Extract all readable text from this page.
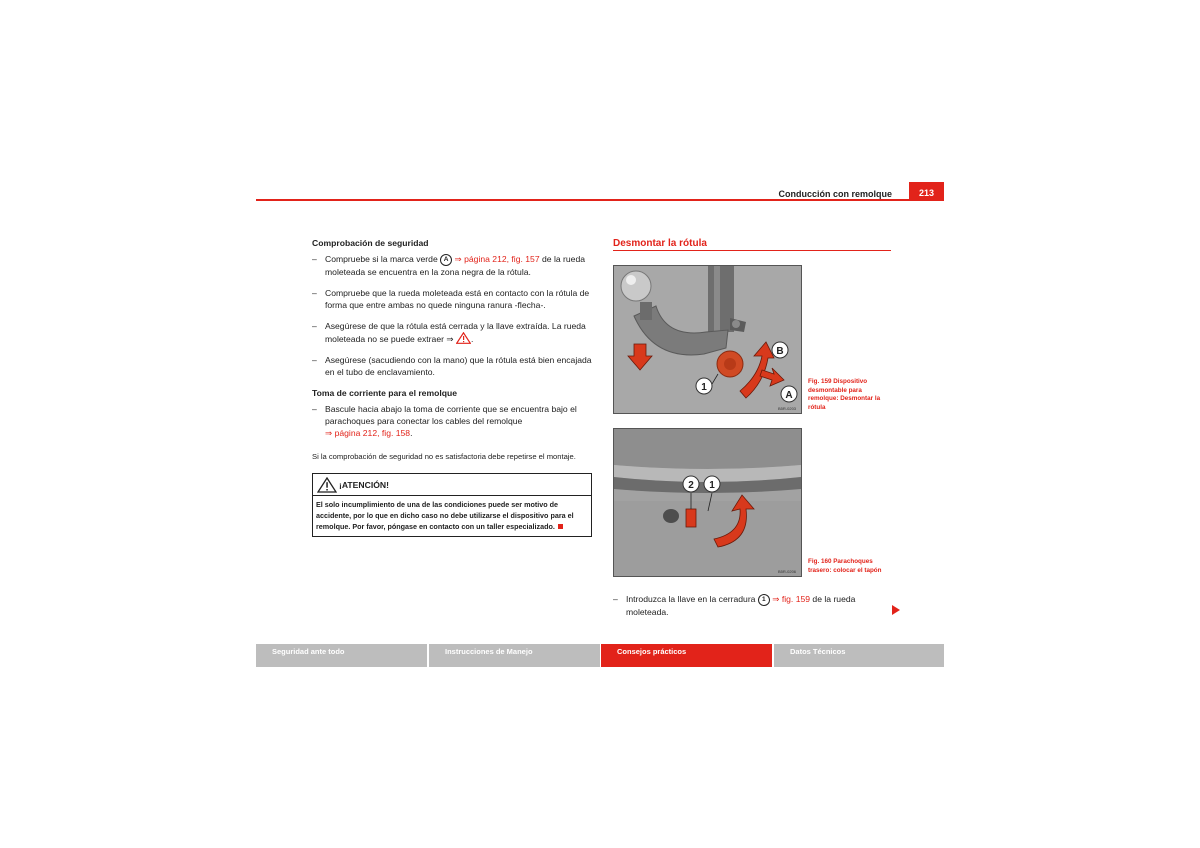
Conducción con remolque	213
Comprobación de seguridad
– Compruebe si la marca verde A ⇒ página 212, fig. 157 de la rueda moleteada se encuentra en la zona negra de la rótula.
– Compruebe que la rueda moleteada está en contacto con la rótula de forma que entre ambas no quede ninguna ranura -flecha-.
– Asegúrese de que la rótula está cerrada y la llave extraída. La rueda moleteada no se puede extraer ⇒ .
– Asegúrese (sacudiendo con la mano) que la rótula está bien encajada en el tubo de enclavamiento.
Toma de corriente para el remolque
– Bascule hacia abajo la toma de corriente que se encuentra bajo el parachoques para conectar los cables del remolque
⇒ página 212, fig. 158.
Si la comprobación de seguridad no es satisfactoria debe repetirse el montaje.
¡ATENCIÓN!
El solo incumplimiento de una de las condiciones puede ser motivo de accidente, por lo que en dicho caso no debe utilizarse el dispositivo para el remolque. Por favor, póngase en contacto con un taller especializado.
Desmontar la rótula
1
B
A
B5R-0203
Fig. 159 Dispositivo desmontable para remolque: Desmontar la rótula
2 1
B5R-0206
Fig. 160 Parachoques trasero: colocar el tapón
– Introduzca la llave en la cerradura 1 ⇒ fig. 159 de la rueda moleteada.
Seguridad ante todo	Instrucciones de Manejo	Consejos prácticos	Datos Técnicos
